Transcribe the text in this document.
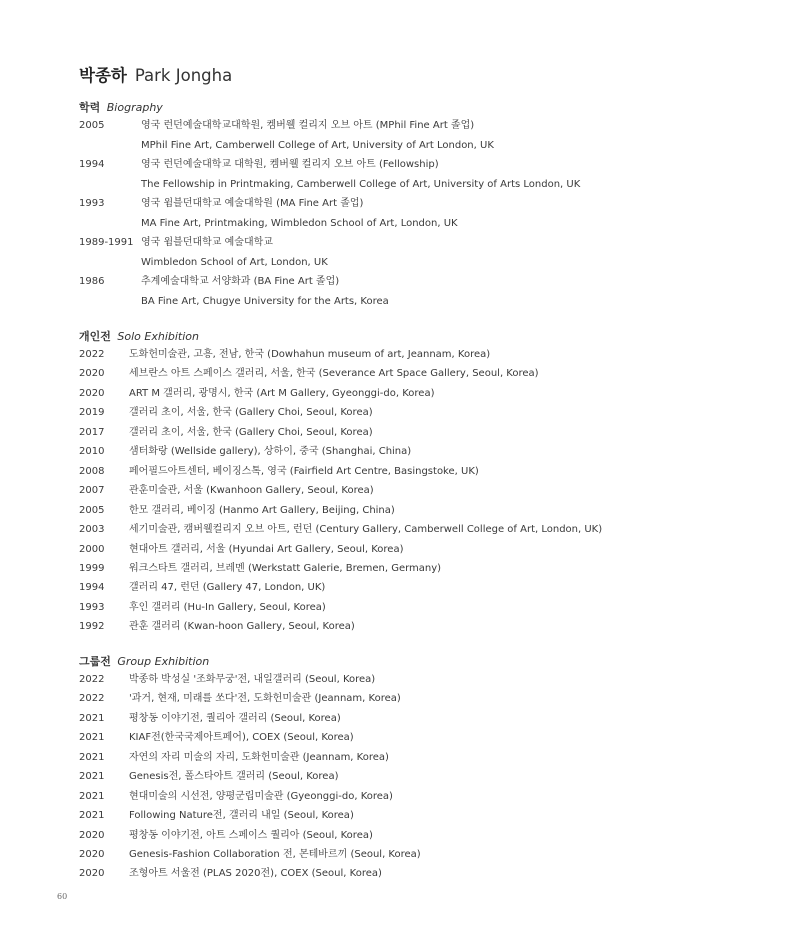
박종하 Park Jongha
학력 Biography
2005	영국 런던예술대학교대학원, 켐버웰 컬리지 오브 아트 (MPhil Fine Art 졸업)
MPhil Fine Art, Camberwell College of Art, University of Art London, UK
1994	영국 런던예술대학교 대학원, 켐버웰 컬리지 오브 아트 (Fellowship)
The Fellowship in Printmaking, Camberwell College of Art, University of Arts London, UK
1993	영국 윔블던대학교 예술대학원 (MA Fine Art 졸업)
MA Fine Art, Printmaking, Wimbledon School of Art, London, UK
1989-1991 영국 윔블던대학교 예술대학교
Wimbledon School of Art, London, UK
1986	추계예술대학교 서양화과 (BA Fine Art 졸업)
BA Fine Art, Chugye University for the Arts, Korea
개인전 Solo Exhibition
2022 도화헌미술관, 고흥, 전남, 한국 (Dowhahun museum of art, Jeannam, Korea)
2020 세브란스 아트 스페이스 갤러리, 서울, 한국 (Severance Art Space Gallery, Seoul, Korea)
2020 ART M 갤러리, 광명시, 한국 (Art M Gallery, Gyeonggi-do, Korea)
2019 갤러리 초이, 서울, 한국 (Gallery Choi, Seoul, Korea)
2017 갤러리 초이, 서울, 한국 (Gallery Choi, Seoul, Korea)
2010 샘터화랑 (Wellside gallery), 상하이, 중국 (Shanghai, China)
2008 페어필드아트센터, 베이징스톡, 영국 (Fairfield Art Centre, Basingstoke, UK)
2007 관훈미술관, 서울 (Kwanhoon Gallery, Seoul, Korea)
2005 한모 갤러리, 베이징 (Hanmo Art Gallery, Beijing, China)
2003 세기미술관, 캠버웰컬리지 오브 아트, 런던 (Century Gallery, Camberwell College of Art, London, UK)
2000 현대아트 갤러리, 서울 (Hyundai Art Gallery, Seoul, Korea)
1999 워크스타트 갤러리, 브레멘 (Werkstatt Galerie, Bremen, Germany)
1994 갤러리 47, 런던 (Gallery 47, London, UK)
1993 후인 갤러리 (Hu-In Gallery, Seoul, Korea)
1992 관훈 갤러리 (Kwan-hoon Gallery, Seoul, Korea)
그룹전 Group Exhibition
2022 박종하 박성실 '조화무궁'전, 내일갤러리 (Seoul, Korea)
2022 '과거, 현재, 미래를 쏘다'전, 도화헌미술관 (Jeannam, Korea)
2021 평창동 이야기전, 퀄리아 갤러리 (Seoul, Korea)
2021 KIAF전(한국국제아트페어), COEX (Seoul, Korea)
2021 자연의 자리 미술의 자리, 도화헌미술관 (Jeannam, Korea)
2021 Genesis전, 폴스타아트 갤러리 (Seoul, Korea)
2021 현대미술의 시선전, 양평군립미술관 (Gyeonggi-do, Korea)
2021 Following Nature전, 갤러리 내일 (Seoul, Korea)
2020 평창동 이야기전, 아트 스페이스 퀄리아 (Seoul, Korea)
2020 Genesis-Fashion Collaboration 전, 몬테바르끼 (Seoul, Korea)
2020 조형아트 서울전 (PLAS 2020전), COEX (Seoul, Korea)
60
